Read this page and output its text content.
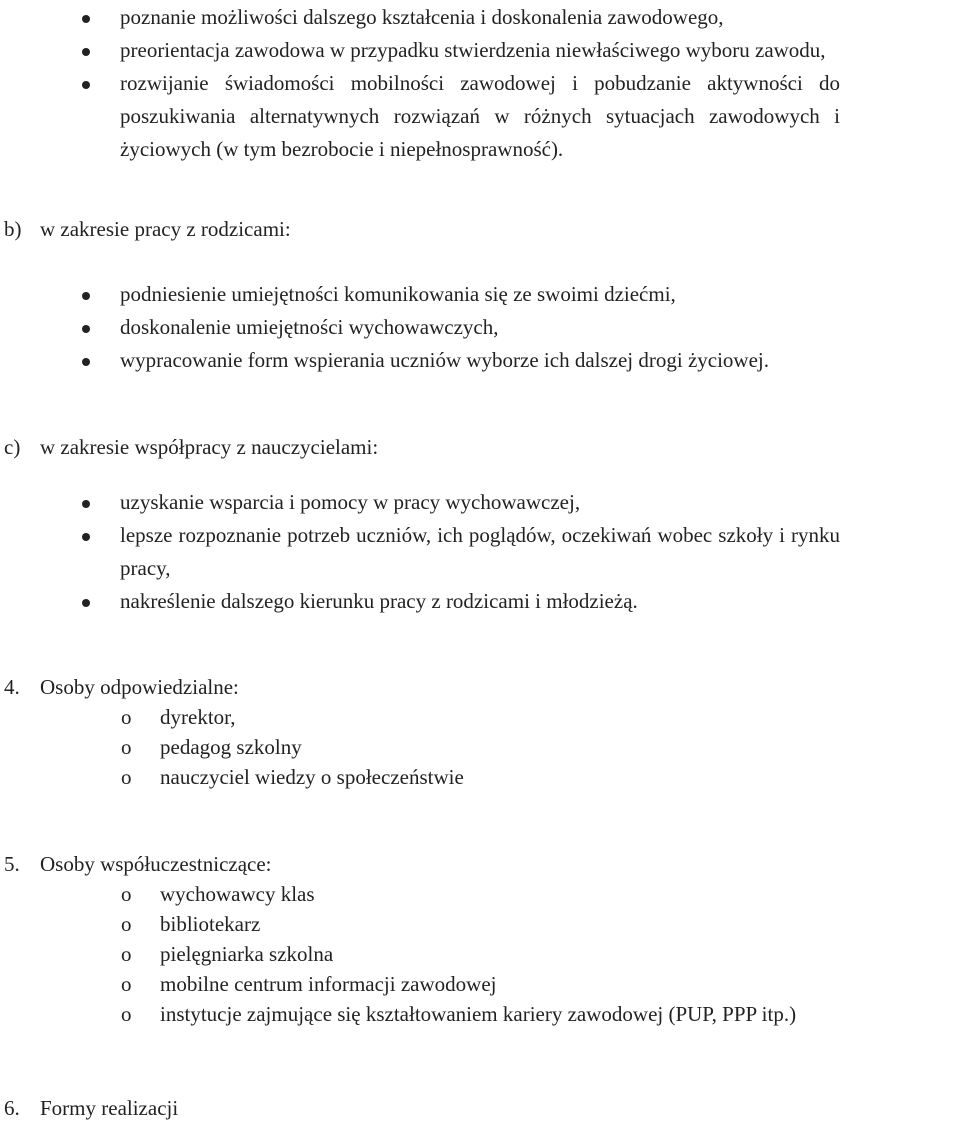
poznanie możliwości dalszego kształcenia i doskonalenia zawodowego,
preorientacja zawodowa w przypadku stwierdzenia niewłaściwego wyboru zawodu,
rozwijanie świadomości mobilności zawodowej i pobudzanie aktywności do poszukiwania alternatywnych rozwiązań w różnych sytuacjach zawodowych i życiowych (w tym bezrobocie i niepełnosprawność).
b) w zakresie pracy z rodzicami:
podniesienie umiejętności komunikowania się ze swoimi dziećmi,
doskonalenie umiejętności wychowawczych,
wypracowanie form wspierania uczniów wyborze ich dalszej drogi życiowej.
c) w zakresie współpracy z nauczycielami:
uzyskanie wsparcia i pomocy w pracy wychowawczej,
lepsze rozpoznanie potrzeb uczniów, ich poglądów, oczekiwań wobec szkoły i rynku pracy,
nakreślenie dalszego kierunku pracy z rodzicami i młodzieżą.
4. Osoby odpowiedzialne:
o dyrektor,
o pedagog szkolny
o nauczyciel wiedzy o społeczeństwie
5. Osoby współuczestniczące:
o wychowawcy klas
o bibliotekarz
o pielęgniarka szkolna
o mobilne centrum informacji zawodowej
o instytucje zajmujące się kształtowaniem kariery zawodowej (PUP, PPP itp.)
6. Formy realizacji
